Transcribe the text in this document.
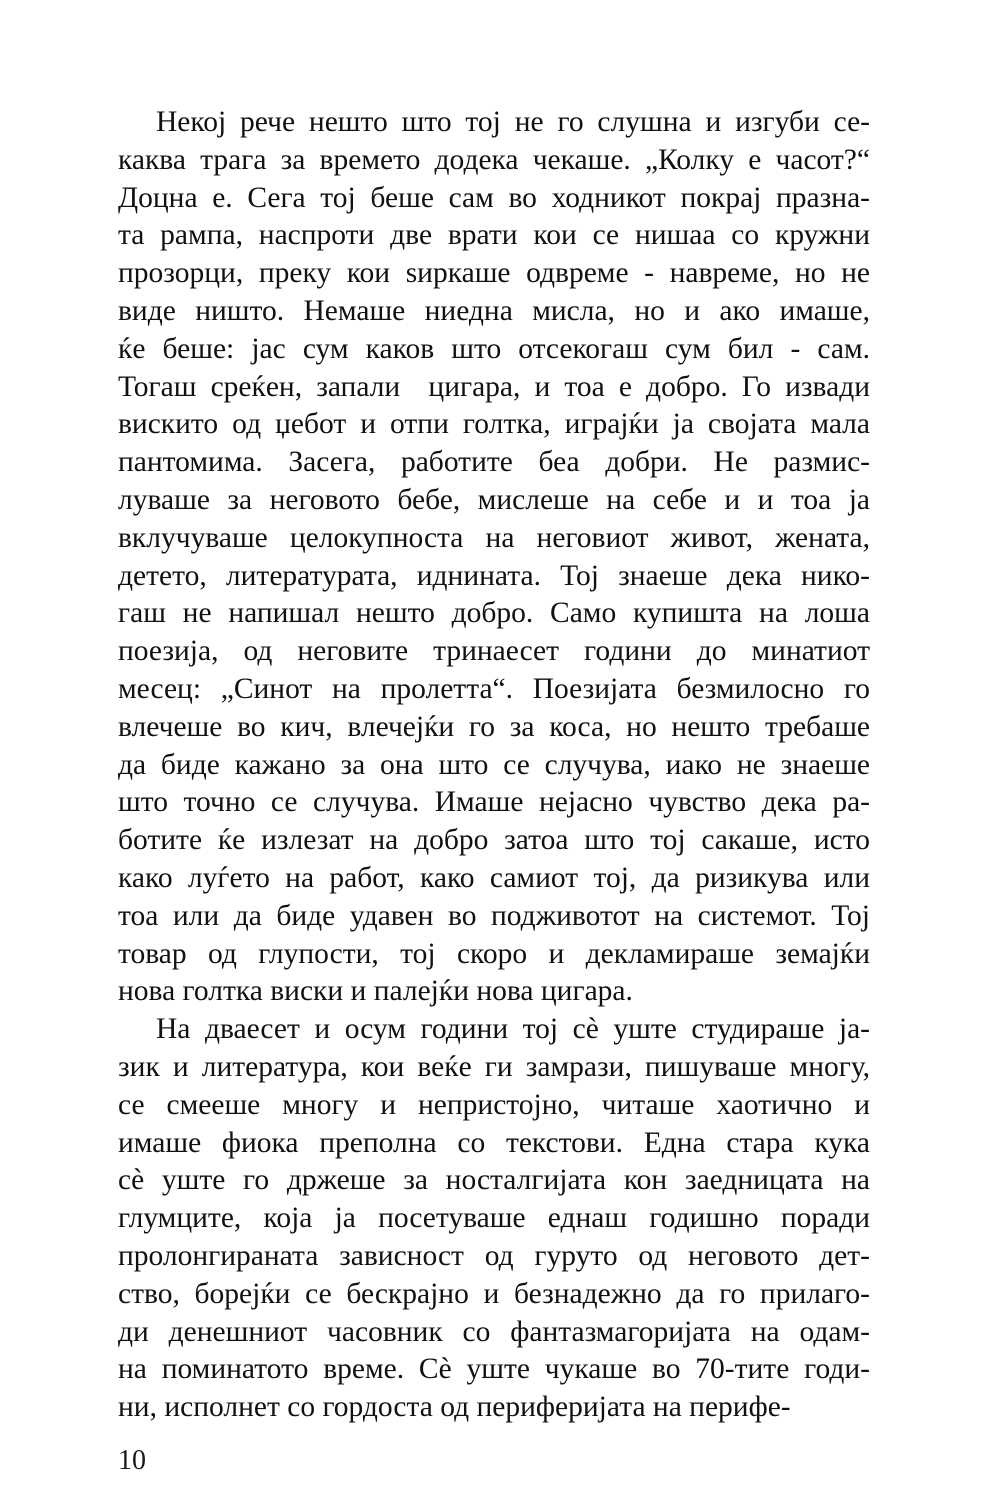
Некој рече нешто што тој не го слушна и изгуби се-
каква трага за времето додека чекаше. „Колку е часот?“
Доцна е. Сега тој беше сам во ходникот покрај празна-
та рампа, наспроти две врати кои се нишаа со кружни
прозорци, преку кои ѕиркаше одвреме - навреме, но не
виде ништо. Немаше ниедна мисла, но и ако имаше,
ќе беше: јас сум каков што отсекогаш сум бил - сам.
Тогаш среќен, запали  цигара, и тоа е добро. Го извади
вискито од џебот и отпи голтка, играјќи ја својата мала
пантомима. Засега, работите беа добри. Не размис-
луваше за неговото бебе, мислеше на себе и и тоа ја
вклучуваше целокупноста на неговиот живот, жената,
детето, литературата, иднината. Тој знаеше дека нико-
гаш не напишал нешто добро. Само купишта на лоша
поезија, од неговите тринаесет години до минатиот
месец: „Синот на пролетта“. Поезијата безмилосно го
влечеше во кич, влечејќи го за коса, но нешто требаше
да биде кажано за она што се случува, иако не знаеше
што точно се случува. Имаше нејасно чувство дека ра-
ботите ќе излезат на добро затоа што тој сакаше, исто
како луѓето на работ, како самиот тој, да ризикува или
тоа или да биде удавен во подживотот на системот. Тој
товар од глупости, тој скоро и декламираше земајќи
нова голтка виски и палејќи нова цигара.
На дваесет и осум години тој сѐ уште студираше ја-
зик и литература, кои веќе ги замрази, пишуваше многу,
се смееше многу и непристојно, читаше хаотично и
имаше фиока преполна со текстови. Една стара кука
сѐ уште го држеше за носталгијата кон заедницата на
глумците, која ја посетуваше еднаш годишно поради
пролонгираната зависност од гуруто од неговото дет-
ство, борејќи се бескрајно и безнадежно да го прилаго-
ди денешниот часовник со фантазмагоријата на одам-
на поминатото време. Сѐ уште чукаше во 70-тите годи-
ни, исполнет со гордоста од периферијата на перифе-
10
